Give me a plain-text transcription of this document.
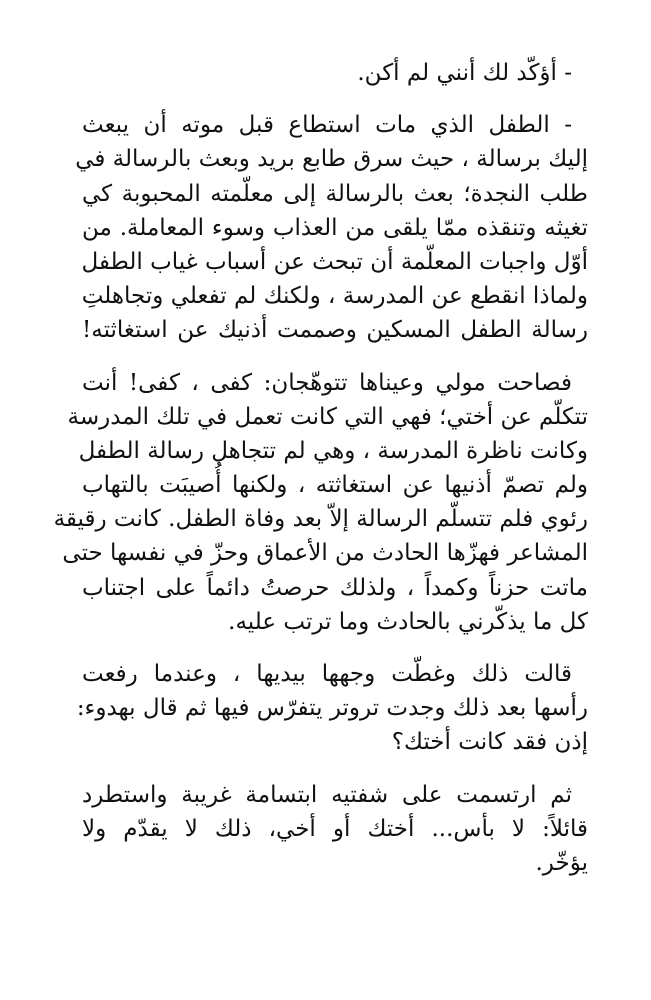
- أؤكّد لك أنني لم أكن.
- الطفل الذي مات استطاع قبل موته أن يبعث
إليك برسالة ، حيث سرق طابع بريد وبعث بالرسالة في
طلب النجدة؛ بعث بالرسالة إلى معلّمته المحبوبة كي
تغيثه وتنقذه ممّا يلقى من العذاب وسوء المعاملة. من
أوّل واجبات المعلّمة أن تبحث عن أسباب غياب الطفل
ولماذا انقطع عن المدرسة ، ولكنك لم تفعلي وتجاهلتِ
رسالة الطفل المسكين وصممت أذنيك عن استغاثته!
فصاحت مولي وعيناها تتوهّجان: كفى ، كفى! أنت
تتكلّم عن أختي؛ فهي التي كانت تعمل في تلك المدرسة
وكانت ناظرة المدرسة ، وهي لم تتجاهل رسالة الطفل
ولم تصمّ أذنيها عن استغاثته ، ولكنها أُصيبَت بالتهاب
رئوي فلم تتسلّم الرسالة إلاّ بعد وفاة الطفل. كانت رقيقة
المشاعر فهزّها الحادث من الأعماق وحزّ في نفسها حتى
ماتت حزناً وكمداً ، ولذلك حرصتُ دائماً على اجتناب
كل ما يذكّرني بالحادث وما ترتب عليه.
قالت ذلك وغطّت وجهها بيديها ، وعندما رفعت
رأسها بعد ذلك وجدت تروتر يتفرّس فيها ثم قال بهدوء:
إذن فقد كانت أختك؟
ثم ارتسمت على شفتيه ابتسامة غريبة واستطرد
قائلاً: لا بأس... أختك أو أخي، ذلك لا يقدّم ولا
يؤخّر.
